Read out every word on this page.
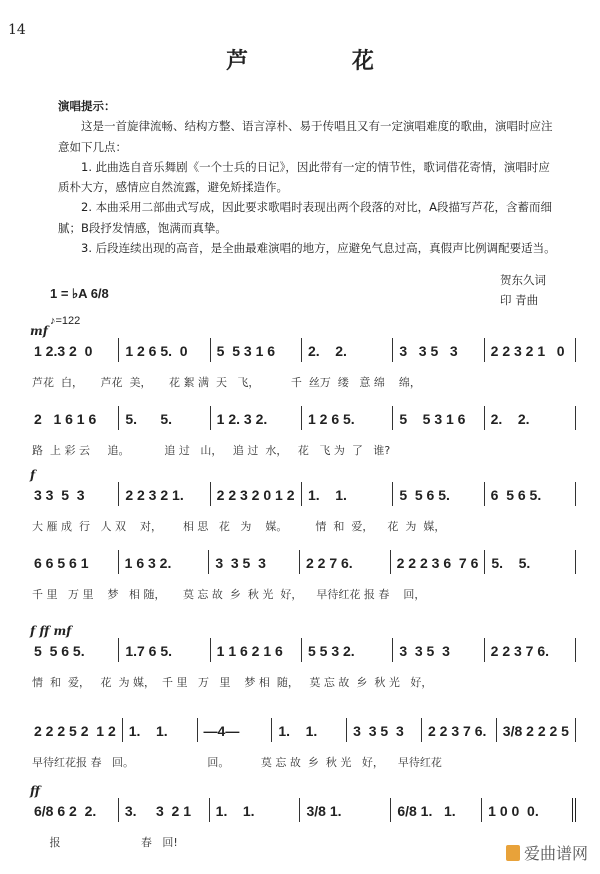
14
芦 花
演唱提示：
这是一首旋律流畅、结构方整、语言淳朴、易于传唱且又有一定演唱难度的歌曲，演唱时应注意如下几点：
1. 此曲选自音乐舞剧《一个士兵的日记》，因此带有一定的情节性，歌词借花寄情，演唱时应质朴大方，感情应自然流露，避免矫揉造作。
2. 本曲采用二部曲式写成，因此要求歌唱时表现出两个段落的对比，A段描写芦花，含蓄而细腻；B段抒发情感，饱满而真挚。
3. 后段连续出现的高音，是全曲最难演唱的地方，应避免气息过高，真假声比例调配要适当。
1 = ♭A 6/8
♪=122
贺东久词
印 青曲
mf
1 2.3 2  0	1 2 6 5.  0	5  5 3 1 6	2.    2.	3   3 5   3	2 2 3 2 1   0
芦花  白，     芦花  美，     花 絮 满  天   飞，         千  丝万  缕   意 绵    绵，
2   1 6 1 6	5.      5.	1 2. 3 2.	1 2 6 5.	5    5 3 1 6	2.    2.
路  上 彩 云     追。          追 过   山，   追 过  水，   花   飞 为  了   谁?
f
3 3  5  3	2 2 3 2 1.	2 2 3 2 0 1 2 1.    1.	5  5 6 5.	6  5 6 5.
大 雁 成  行   人 双    对，      相 思   花   为    媒。        情  和  爱，    花  为  媒，
6 6 5 6 1	1 6 3 2.	3  3 5  3	2 2 7 6.	2 2 2 3 6  7 6 5.    5.
千 里   万 里    梦   相 随，     莫 忘 故  乡  秋 光  好，    早待红花 报 春    回，
f ff mf
5  5 6 5.	1.7 6 5.	1 1 6 2 1 6	5 5 3 2.	3  3 5  3	2 2 3 7 6.
情  和  爱，   花  为 媒，  千 里   万   里    梦 相  随，   莫 忘 故  乡  秋 光   好，
2 2 2 5 2  1 2 1.    1.	—4—	1.    1.	3  3 5  3	2 2 3 7 6.	3/8 2 2 2 5
早待红花报 春   回。                     回。         莫 忘 故  乡  秋 光   好，    早待红花
ff
6/8 6 2  2.	3.     3  2 1	1.    1.	3/8 1.	6/8 1.   1.	1 0 0  0.
报                       春   回!
爱曲谱网
